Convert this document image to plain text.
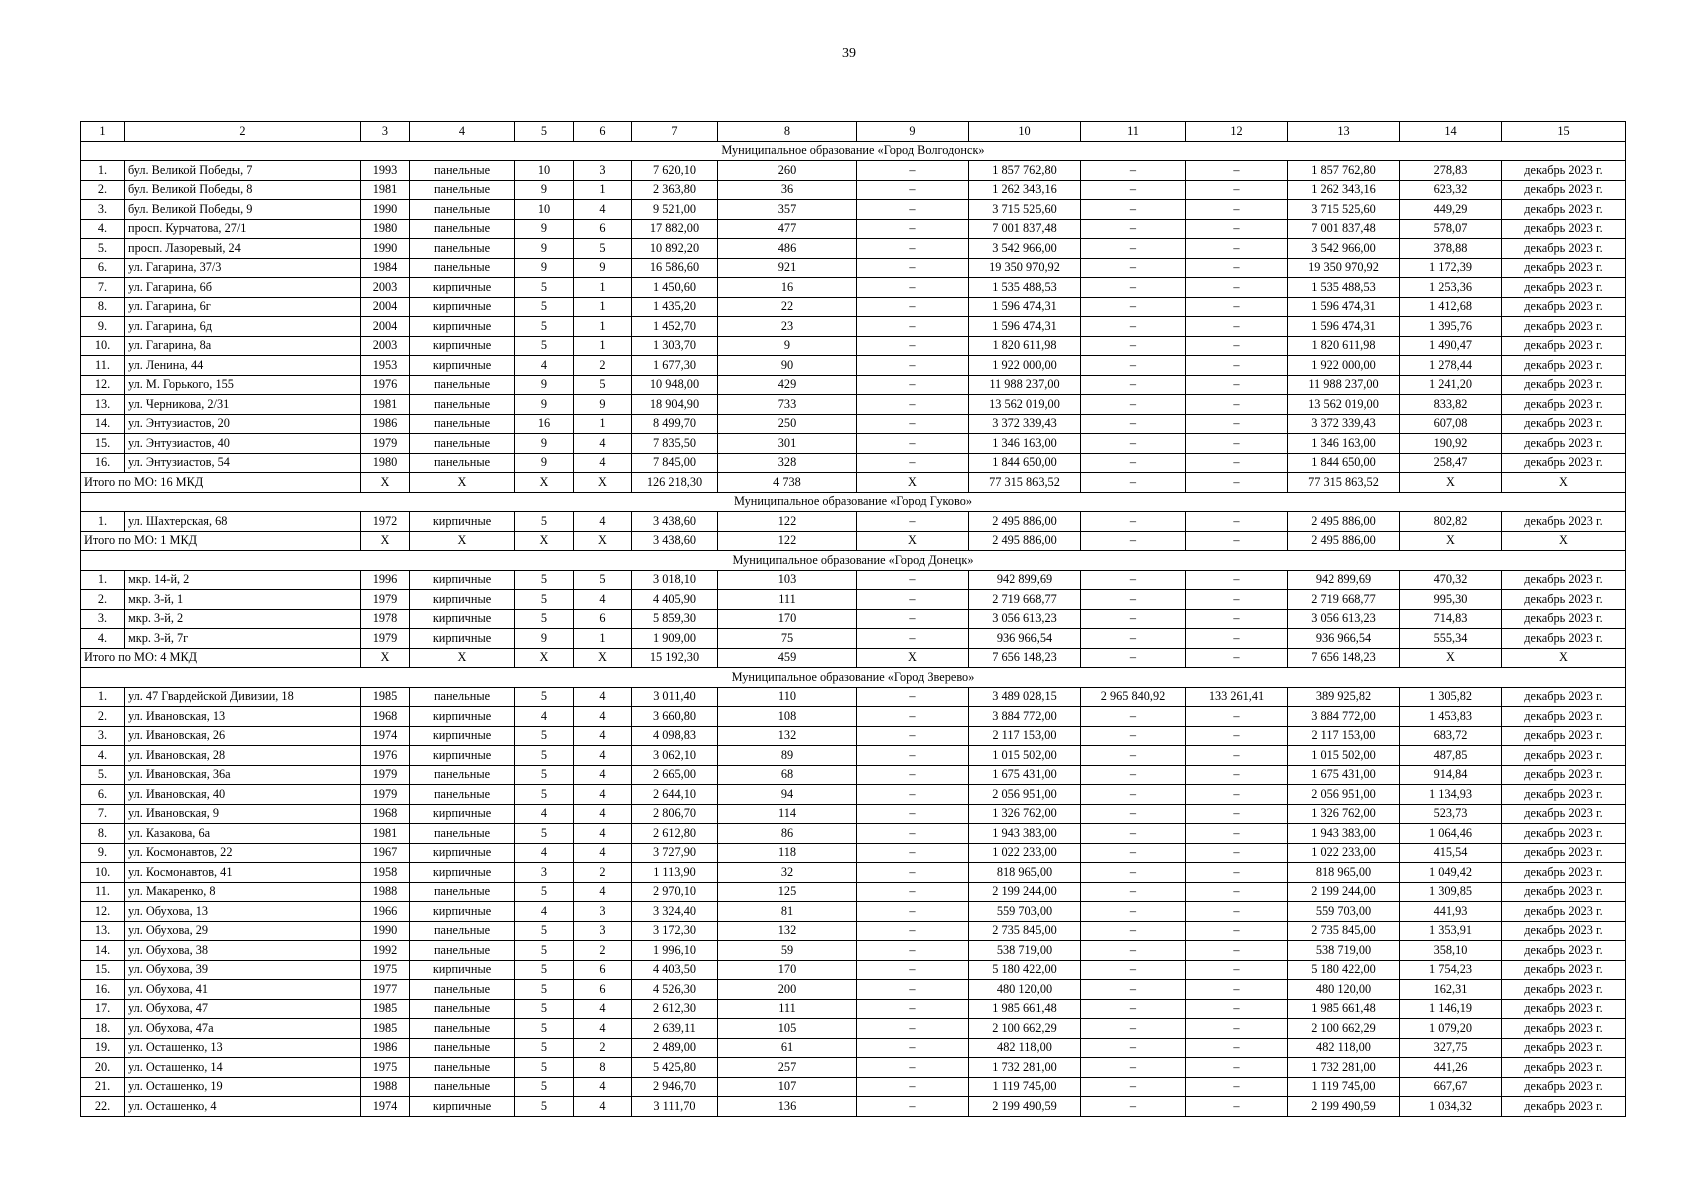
39
1	2	3	4	5	6	7	8	9	10	11	12	13	14	15
Муниципальное образование «Город Волгодонск»														
1.	бул. Великой Победы, 7	1993	панельные	10	3	7 620,10	260	–	1 857 762,80	–	–	1 857 762,80	278,83	декабрь 2023 г.
2.	бул. Великой Победы, 8	1981	панельные	9	1	2 363,80	36	–	1 262 343,16	–	–	1 262 343,16	623,32	декабрь 2023 г.
3.	бул. Великой Победы, 9	1990	панельные	10	4	9 521,00	357	–	3 715 525,60	–	–	3 715 525,60	449,29	декабрь 2023 г.
4.	просп. Курчатова, 27/1	1980	панельные	9	6	17 882,00	477	–	7 001 837,48	–	–	7 001 837,48	578,07	декабрь 2023 г.
5.	просп. Лазоревый, 24	1990	панельные	9	5	10 892,20	486	–	3 542 966,00	–	–	3 542 966,00	378,88	декабрь 2023 г.
6.	ул. Гагарина, 37/3	1984	панельные	9	9	16 586,60	921	–	19 350 970,92	–	–	19 350 970,92	1 172,39	декабрь 2023 г.
7.	ул. Гагарина, 6б	2003	кирпичные	5	1	1 450,60	16	–	1 535 488,53	–	–	1 535 488,53	1 253,36	декабрь 2023 г.
8.	ул. Гагарина, 6г	2004	кирпичные	5	1	1 435,20	22	–	1 596 474,31	–	–	1 596 474,31	1 412,68	декабрь 2023 г.
9.	ул. Гагарина, 6д	2004	кирпичные	5	1	1 452,70	23	–	1 596 474,31	–	–	1 596 474,31	1 395,76	декабрь 2023 г.
10.	ул. Гагарина, 8а	2003	кирпичные	5	1	1 303,70	9	–	1 820 611,98	–	–	1 820 611,98	1 490,47	декабрь 2023 г.
11.	ул. Ленина, 44	1953	кирпичные	4	2	1 677,30	90	–	1 922 000,00	–	–	1 922 000,00	1 278,44	декабрь 2023 г.
12.	ул. М. Горького, 155	1976	панельные	9	5	10 948,00	429	–	11 988 237,00	–	–	11 988 237,00	1 241,20	декабрь 2023 г.
13.	ул. Черникова, 2/31	1981	панельные	9	9	18 904,90	733	–	13 562 019,00	–	–	13 562 019,00	833,82	декабрь 2023 г.
14.	ул. Энтузиастов, 20	1986	панельные	16	1	8 499,70	250	–	3 372 339,43	–	–	3 372 339,43	607,08	декабрь 2023 г.
15.	ул. Энтузиастов, 40	1979	панельные	9	4	7 835,50	301	–	1 346 163,00	–	–	1 346 163,00	190,92	декабрь 2023 г.
16.	ул. Энтузиастов, 54	1980	панельные	9	4	7 845,00	328	–	1 844 650,00	–	–	1 844 650,00	258,47	декабрь 2023 г.
Итого по МО: 16 МКД		X	X	X	X	126 218,30	4 738	X	77 315 863,52	–	–	77 315 863,52	X	X
Муниципальное образование «Город Гуково»														
1.	ул. Шахтерская, 68	1972	кирпичные	5	4	3 438,60	122	–	2 495 886,00	–	–	2 495 886,00	802,82	декабрь 2023 г.
Итого по МО: 1 МКД		X	X	X	X	3 438,60	122	X	2 495 886,00	–	–	2 495 886,00	X	X
Муниципальное образование «Город Донецк»														
1.	мкр. 14-й, 2	1996	кирпичные	5	5	3 018,10	103	–	942 899,69	–	–	942 899,69	470,32	декабрь 2023 г.
2.	мкр. 3-й, 1	1979	кирпичные	5	4	4 405,90	111	–	2 719 668,77	–	–	2 719 668,77	995,30	декабрь 2023 г.
3.	мкр. 3-й, 2	1978	кирпичные	5	6	5 859,30	170	–	3 056 613,23	–	–	3 056 613,23	714,83	декабрь 2023 г.
4.	мкр. 3-й, 7г	1979	кирпичные	9	1	1 909,00	75	–	936 966,54	–	–	936 966,54	555,34	декабрь 2023 г.
Итого по МО: 4 МКД		X	X	X	X	15 192,30	459	X	7 656 148,23	–	–	7 656 148,23	X	X
Муниципальное образование «Город Зверево»														
1.	ул. 47 Гвардейской Дивизии, 18	1985	панельные	5	4	3 011,40	110	–	3 489 028,15	2 965 840,92	133 261,41	389 925,82	1 305,82	декабрь 2023 г.
2.	ул. Ивановская, 13	1968	кирпичные	4	4	3 660,80	108	–	3 884 772,00	–	–	3 884 772,00	1 453,83	декабрь 2023 г.
3.	ул. Ивановская, 26	1974	кирпичные	5	4	4 098,83	132	–	2 117 153,00	–	–	2 117 153,00	683,72	декабрь 2023 г.
4.	ул. Ивановская, 28	1976	кирпичные	5	4	3 062,10	89	–	1 015 502,00	–	–	1 015 502,00	487,85	декабрь 2023 г.
5.	ул. Ивановская, 36а	1979	панельные	5	4	2 665,00	68	–	1 675 431,00	–	–	1 675 431,00	914,84	декабрь 2023 г.
6.	ул. Ивановская, 40	1979	панельные	5	4	2 644,10	94	–	2 056 951,00	–	–	2 056 951,00	1 134,93	декабрь 2023 г.
7.	ул. Ивановская, 9	1968	кирпичные	4	4	2 806,70	114	–	1 326 762,00	–	–	1 326 762,00	523,73	декабрь 2023 г.
8.	ул. Казакова, 6а	1981	панельные	5	4	2 612,80	86	–	1 943 383,00	–	–	1 943 383,00	1 064,46	декабрь 2023 г.
9.	ул. Космонавтов, 22	1967	кирпичные	4	4	3 727,90	118	–	1 022 233,00	–	–	1 022 233,00	415,54	декабрь 2023 г.
10.	ул. Космонавтов, 41	1958	кирпичные	3	2	1 113,90	32	–	818 965,00	–	–	818 965,00	1 049,42	декабрь 2023 г.
11.	ул. Макаренко, 8	1988	панельные	5	4	2 970,10	125	–	2 199 244,00	–	–	2 199 244,00	1 309,85	декабрь 2023 г.
12.	ул. Обухова, 13	1966	кирпичные	4	3	3 324,40	81	–	559 703,00	–	–	559 703,00	441,93	декабрь 2023 г.
13.	ул. Обухова, 29	1990	панельные	5	3	3 172,30	132	–	2 735 845,00	–	–	2 735 845,00	1 353,91	декабрь 2023 г.
14.	ул. Обухова, 38	1992	панельные	5	2	1 996,10	59	–	538 719,00	–	–	538 719,00	358,10	декабрь 2023 г.
15.	ул. Обухова, 39	1975	кирпичные	5	6	4 403,50	170	–	5 180 422,00	–	–	5 180 422,00	1 754,23	декабрь 2023 г.
16.	ул. Обухова, 41	1977	панельные	5	6	4 526,30	200	–	480 120,00	–	–	480 120,00	162,31	декабрь 2023 г.
17.	ул. Обухова, 47	1985	панельные	5	4	2 612,30	111	–	1 985 661,48	–	–	1 985 661,48	1 146,19	декабрь 2023 г.
18.	ул. Обухова, 47а	1985	панельные	5	4	2 639,11	105	–	2 100 662,29	–	–	2 100 662,29	1 079,20	декабрь 2023 г.
19.	ул. Осташенко, 13	1986	панельные	5	2	2 489,00	61	–	482 118,00	–	–	482 118,00	327,75	декабрь 2023 г.
20.	ул. Осташенко, 14	1975	панельные	5	8	5 425,80	257	–	1 732 281,00	–	–	1 732 281,00	441,26	декабрь 2023 г.
21.	ул. Осташенко, 19	1988	панельные	5	4	2 946,70	107	–	1 119 745,00	–	–	1 119 745,00	667,67	декабрь 2023 г.
22.	ул. Осташенко, 4	1974	кирпичные	5	4	3 111,70	136	–	2 199 490,59	–	–	2 199 490,59	1 034,32	декабрь 2023 г.
